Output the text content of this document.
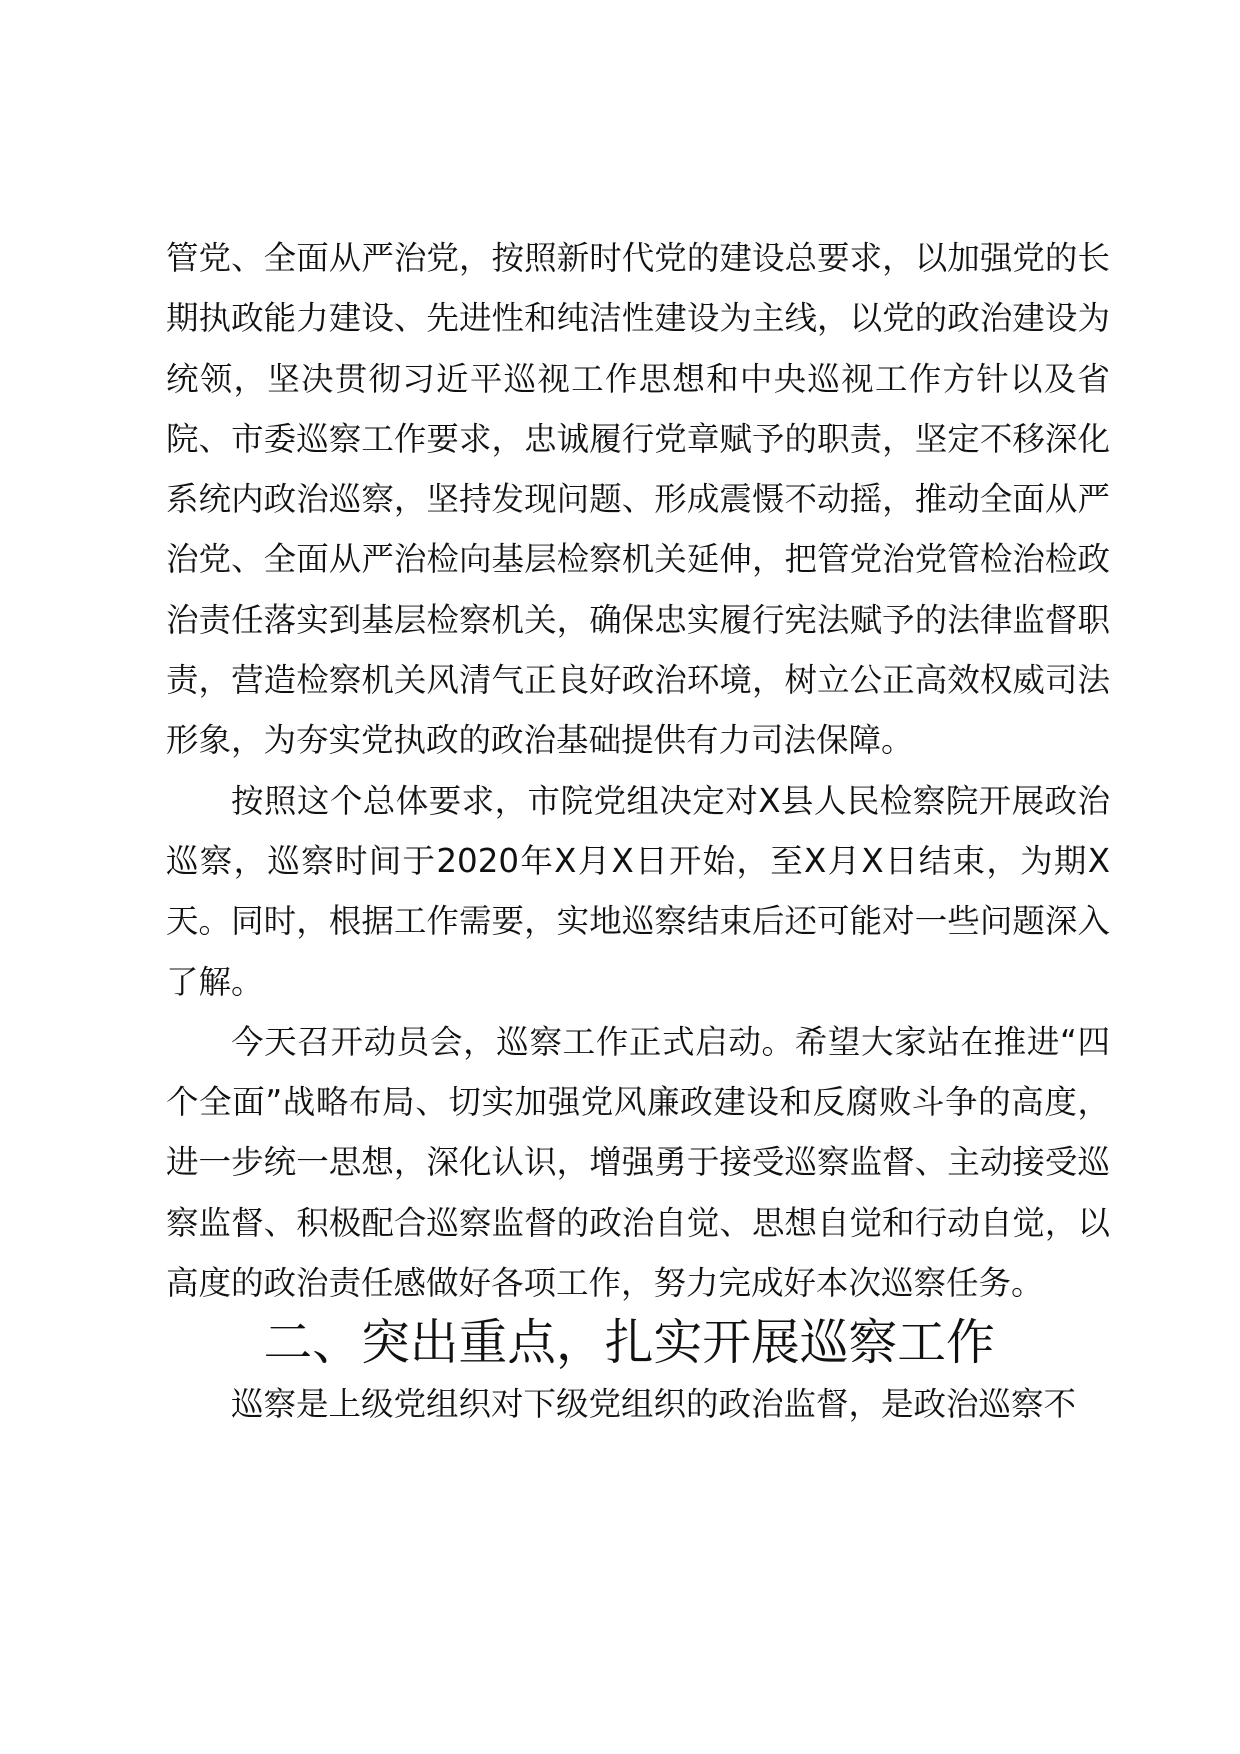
管党、全面从严治党，按照新时代党的建设总要求，以加强党的长期执政能力建设、先进性和纯洁性建设为主线，以党的政治建设为统领，坚决贯彻习近平巡视工作思想和中央巡视工作方针以及省院、市委巡察工作要求，忠诚履行党章赋予的职责，坚定不移深化系统内政治巡察，坚持发现问题、形成震慑不动摇，推动全面从严治党、全面从严治检向基层检察机关延伸，把管党治党管检治检政治责任落实到基层检察机关，确保忠实履行宪法赋予的法律监督职责，营造检察机关风清气正良好政治环境，树立公正高效权威司法形象，为夯实党执政的政治基础提供有力司法保障。

按照这个总体要求，市院党组决定对X县人民检察院开展政治巡察，巡察时间于2020年X月X日开始，至X月X日结束，为期X天。同时，根据工作需要，实地巡察结束后还可能对一些问题深入了解。

今天召开动员会，巡察工作正式启动。希望大家站在推进“四个全面”战略布局、切实加强党风廉政建设和反腐败斗争的高度，进一步统一思想，深化认识，增强勇于接受巡察监督、主动接受巡察监督、积极配合巡察监督的政治自觉、思想自觉和行动自觉，以高度的政治责任感做好各项工作，努力完成好本次巡察任务。

二、突出重点，扎实开展巡察工作

巡察是上级党组织对下级党组织的政治监督，是政治巡察不
